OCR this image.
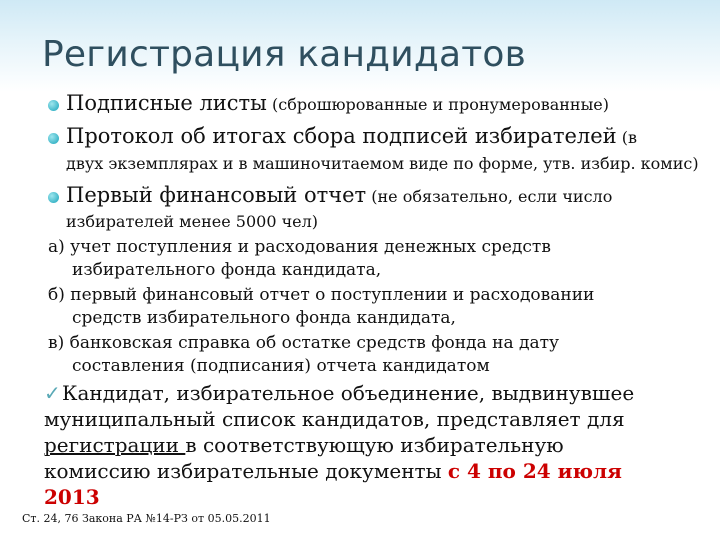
Регистрация кандидатов
Подписные листы (сброшюрованные и пронумерованные)
Протокол об итогах сбора подписей избирателей (в
двух экземплярах и в машиночитаемом виде по форме, утв. избир. комис)
Первый финансовый отчет (не обязательно, если число
избирателей менее 5000 чел)
а) учет поступления и расходования денежных средств
избирательного фонда кандидата,
б) первый финансовый отчет о поступлении и расходовании
средств избирательного фонда кандидата,
в) банковская справка об остатке средств фонда на дату
составления (подписания) отчета кандидатом
✓Кандидат, избирательное объединение, выдвинувшее
муниципальный список кандидатов, представляет для
регистрации в соответствующую избирательную
комиссию избирательные документы с 4 по 24 июля
2013
Ст. 24, 76 Закона РА №14-РЗ от 05.05.2011
